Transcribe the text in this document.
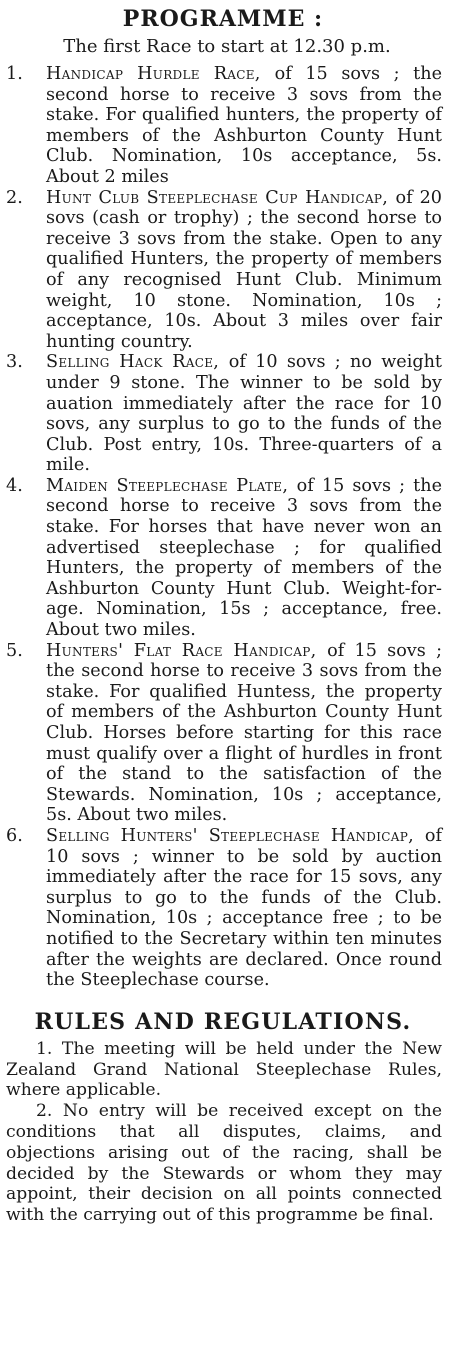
PROGRAMME :

The first Race to start at 12.30 p.m.

1. Handicap Hurdle Race, of 15 sovs ; the second horse to receive 3 sovs from the stake. For qualified hunters, the property of members of the Ashburton County Hunt Club. Nomination, 10s acceptance, 5s. About 2 miles
2. Hunt Club Steeplechase Cup Handicap, of 20 sovs (cash or trophy) ; the second horse to receive 3 sovs from the stake. Open to any qualified Hunters, the property of members of any recognised Hunt Club. Minimum weight, 10 stone. Nomination, 10s ; acceptance, 10s. About 3 miles over fair hunting country.
3. Selling Hack Race, of 10 sovs ; no weight under 9 stone. The winner to be sold by auation immediately after the race for 10 sovs, any surplus to go to the funds of the Club. Post entry, 10s. Three-quarters of a mile.
4. Maiden Steeplechase Plate, of 15 sovs ; the second horse to receive 3 sovs from the stake. For horses that have never won an advertised steeplechase ; for qualified Hunters, the property of members of the Ashburton County Hunt Club. Weight-for-age. Nomination, 15s ; acceptance, free. About two miles.
5. Hunters' Flat Race Handicap, of 15 sovs ; the second horse to receive 3 sovs from the stake. For qualified Huntess, the property of members of the Ashburton County Hunt Club. Horses before starting for this race must qualify over a flight of hurdles in front of the stand to the satisfaction of the Stewards. Nomination, 10s ; acceptance, 5s. About two miles.
6. Selling Hunters' Steeplechase Handicap, of 10 sovs ; winner to be sold by auction immediately after the race for 15 sovs, any surplus to go to the funds of the Club. Nomination, 10s ; acceptance free ; to be notified to the Secretary within ten minutes after the weights are declared. Once round the Steeplechase course.
RULES AND REGULATIONS.

1. The meeting will be held under the New Zealand Grand National Steeplechase Rules, where applicable.

2. No entry will be received except on the conditions that all disputes, claims, and objections arising out of the racing, shall be decided by the Stewards or whom they may appoint, their decision on all points connected with the carrying out of this programme be final.
